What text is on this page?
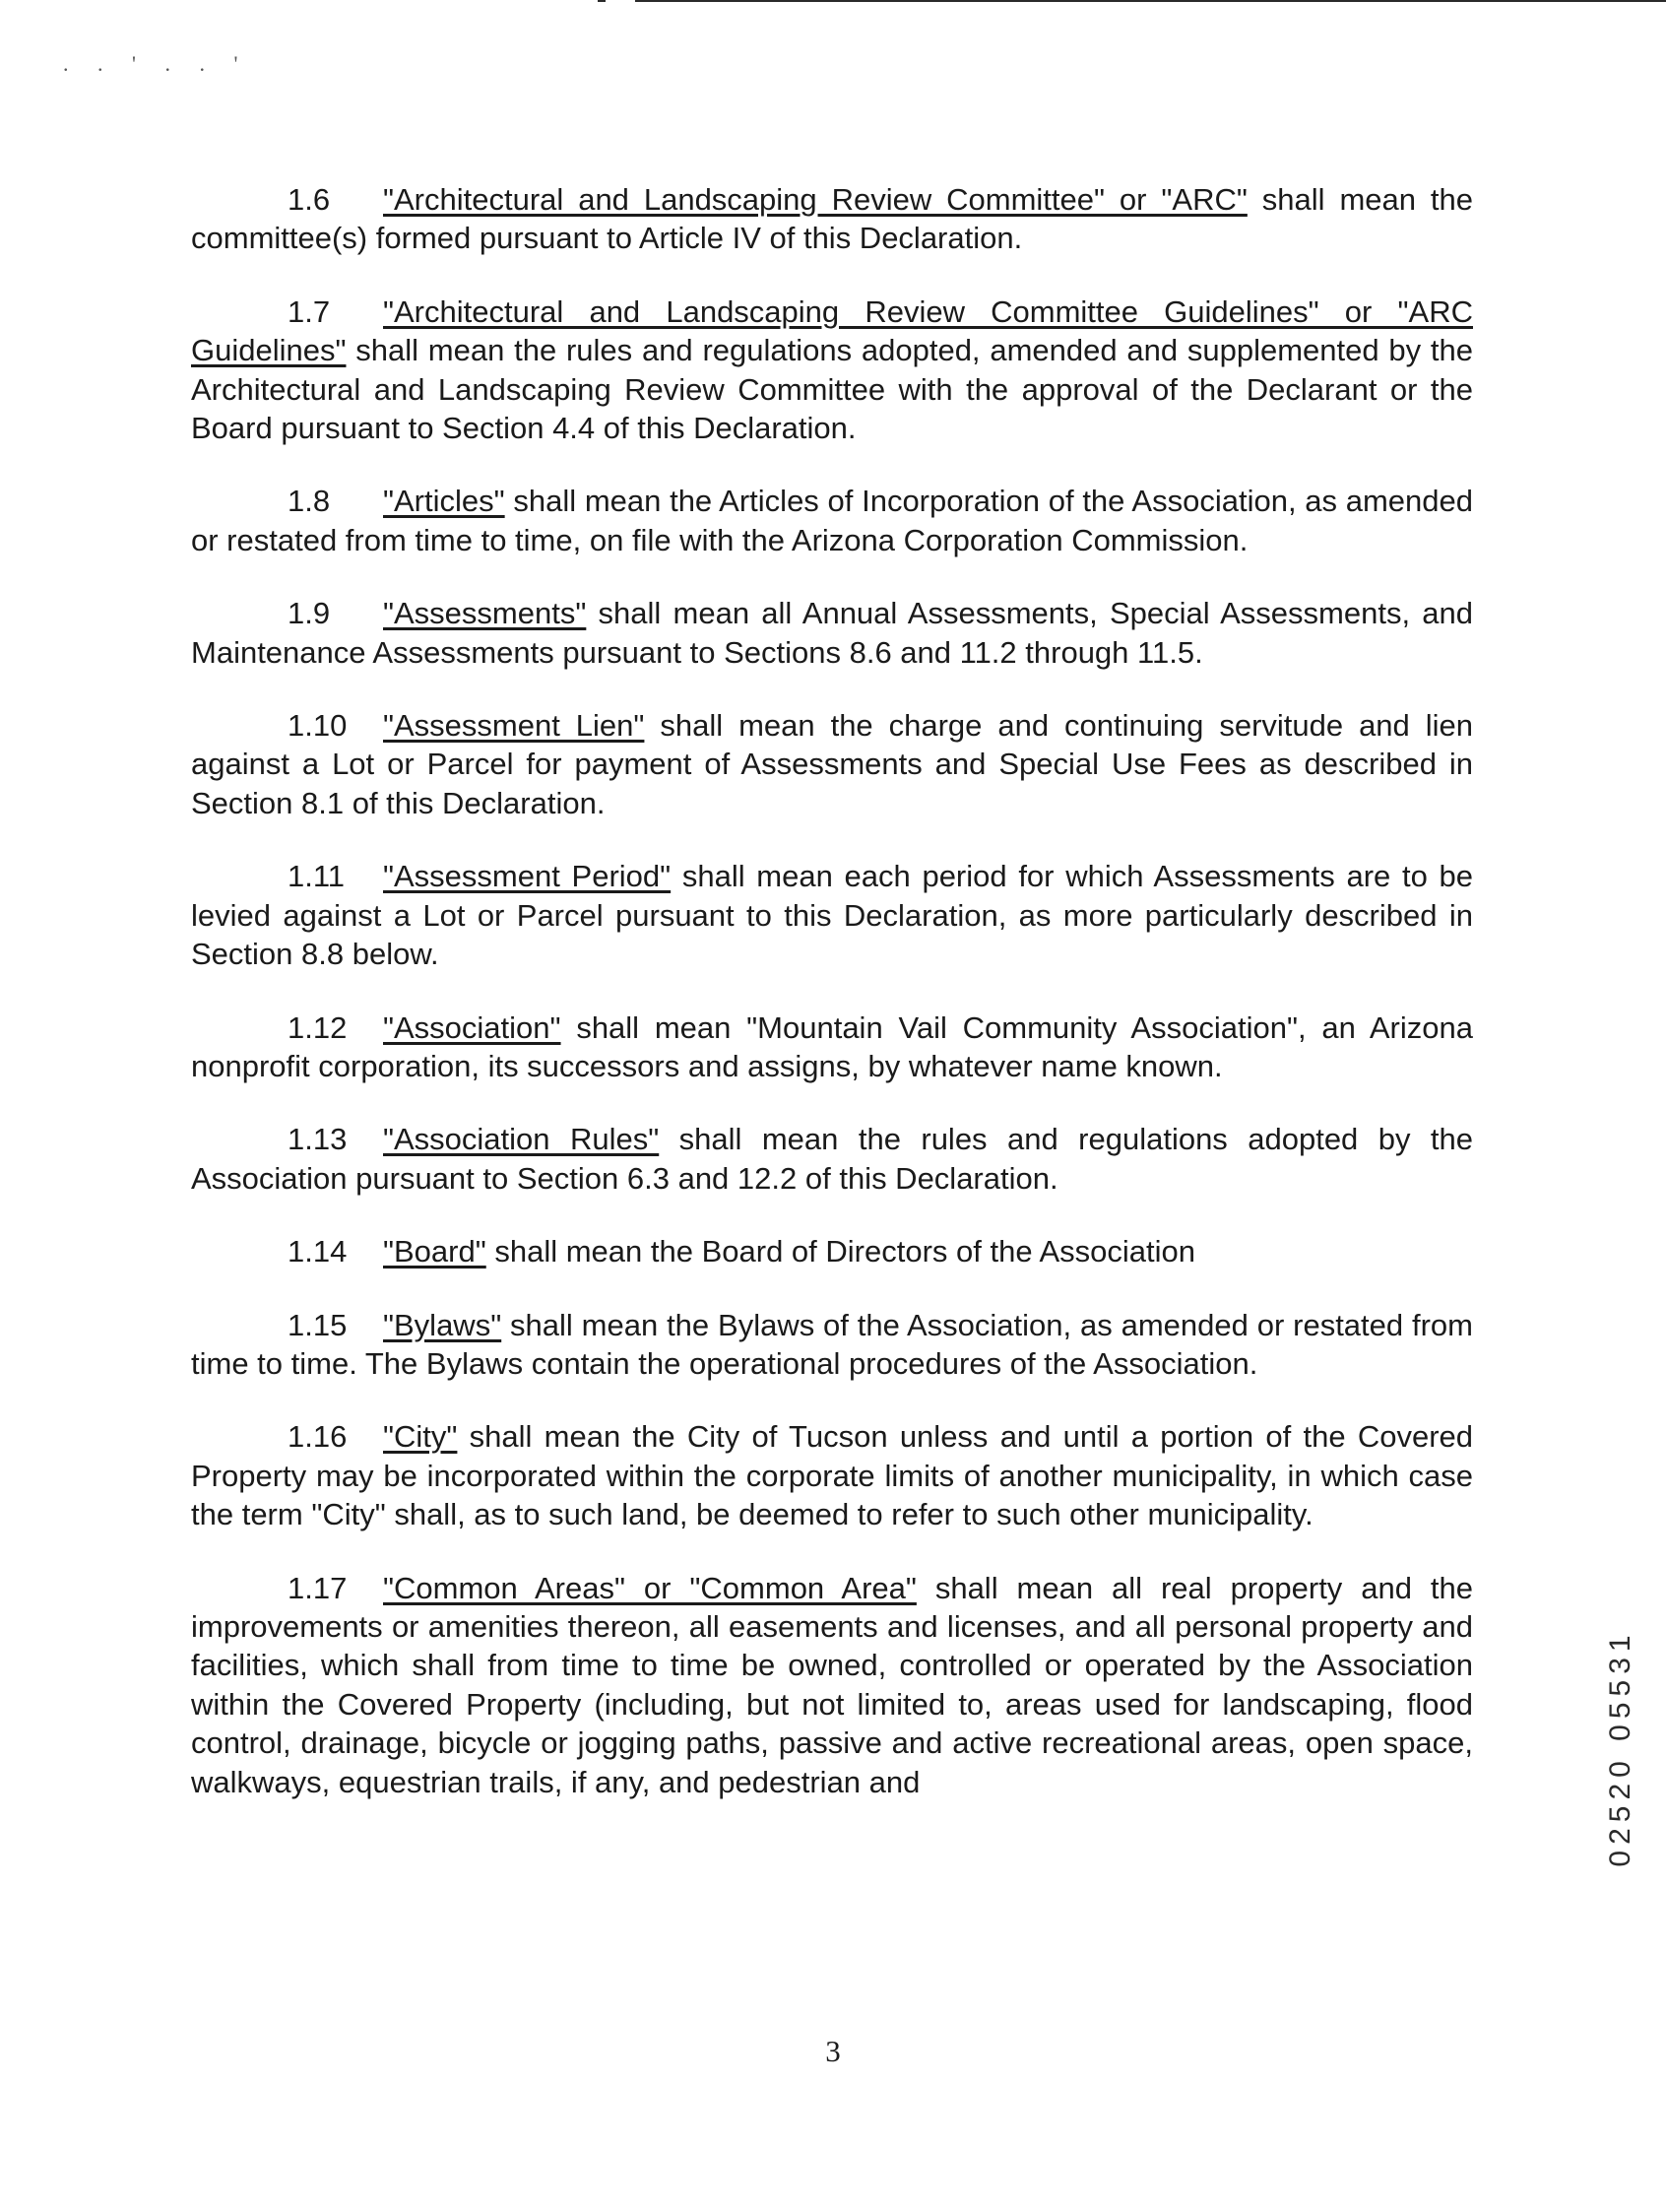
. . ' . . '

1.6 "Architectural and Landscaping Review Committee" or "ARC" shall mean the committee(s) formed pursuant to Article IV of this Declaration.

1.7 "Architectural and Landscaping Review Committee Guidelines" or "ARC Guidelines" shall mean the rules and regulations adopted, amended and supplemented by the Architectural and Landscaping Review Committee with the approval of the Declarant or the Board pursuant to Section 4.4 of this Declaration.

1.8 "Articles" shall mean the Articles of Incorporation of the Association, as amended or restated from time to time, on file with the Arizona Corporation Commission.

1.9 "Assessments" shall mean all Annual Assessments, Special Assessments, and Maintenance Assessments pursuant to Sections 8.6 and 11.2 through 11.5.

1.10 "Assessment Lien" shall mean the charge and continuing servitude and lien against a Lot or Parcel for payment of Assessments and Special Use Fees as described in Section 8.1 of this Declaration.

1.11 "Assessment Period" shall mean each period for which Assessments are to be levied against a Lot or Parcel pursuant to this Declaration, as more particularly described in Section 8.8 below.

1.12 "Association" shall mean "Mountain Vail Community Association", an Arizona nonprofit corporation, its successors and assigns, by whatever name known.

1.13 "Association Rules" shall mean the rules and regulations adopted by the Association pursuant to Section 6.3 and 12.2 of this Declaration.

1.14 "Board" shall mean the Board of Directors of the Association

1.15 "Bylaws" shall mean the Bylaws of the Association, as amended or restated from time to time. The Bylaws contain the operational procedures of the Association.

1.16 "City" shall mean the City of Tucson unless and until a portion of the Covered Property may be incorporated within the corporate limits of another municipality, in which case the term "City" shall, as to such land, be deemed to refer to such other municipality.

1.17 "Common Areas" or "Common Area" shall mean all real property and the improvements or amenities thereon, all easements and licenses, and all personal property and facilities, which shall from time to time be owned, controlled or operated by the Association within the Covered Property (including, but not limited to, areas used for landscaping, flood control, drainage, bicycle or jogging paths, passive and active recreational areas, open space, walkways, equestrian trails, if any, and pedestrian and

3
02520 05531
